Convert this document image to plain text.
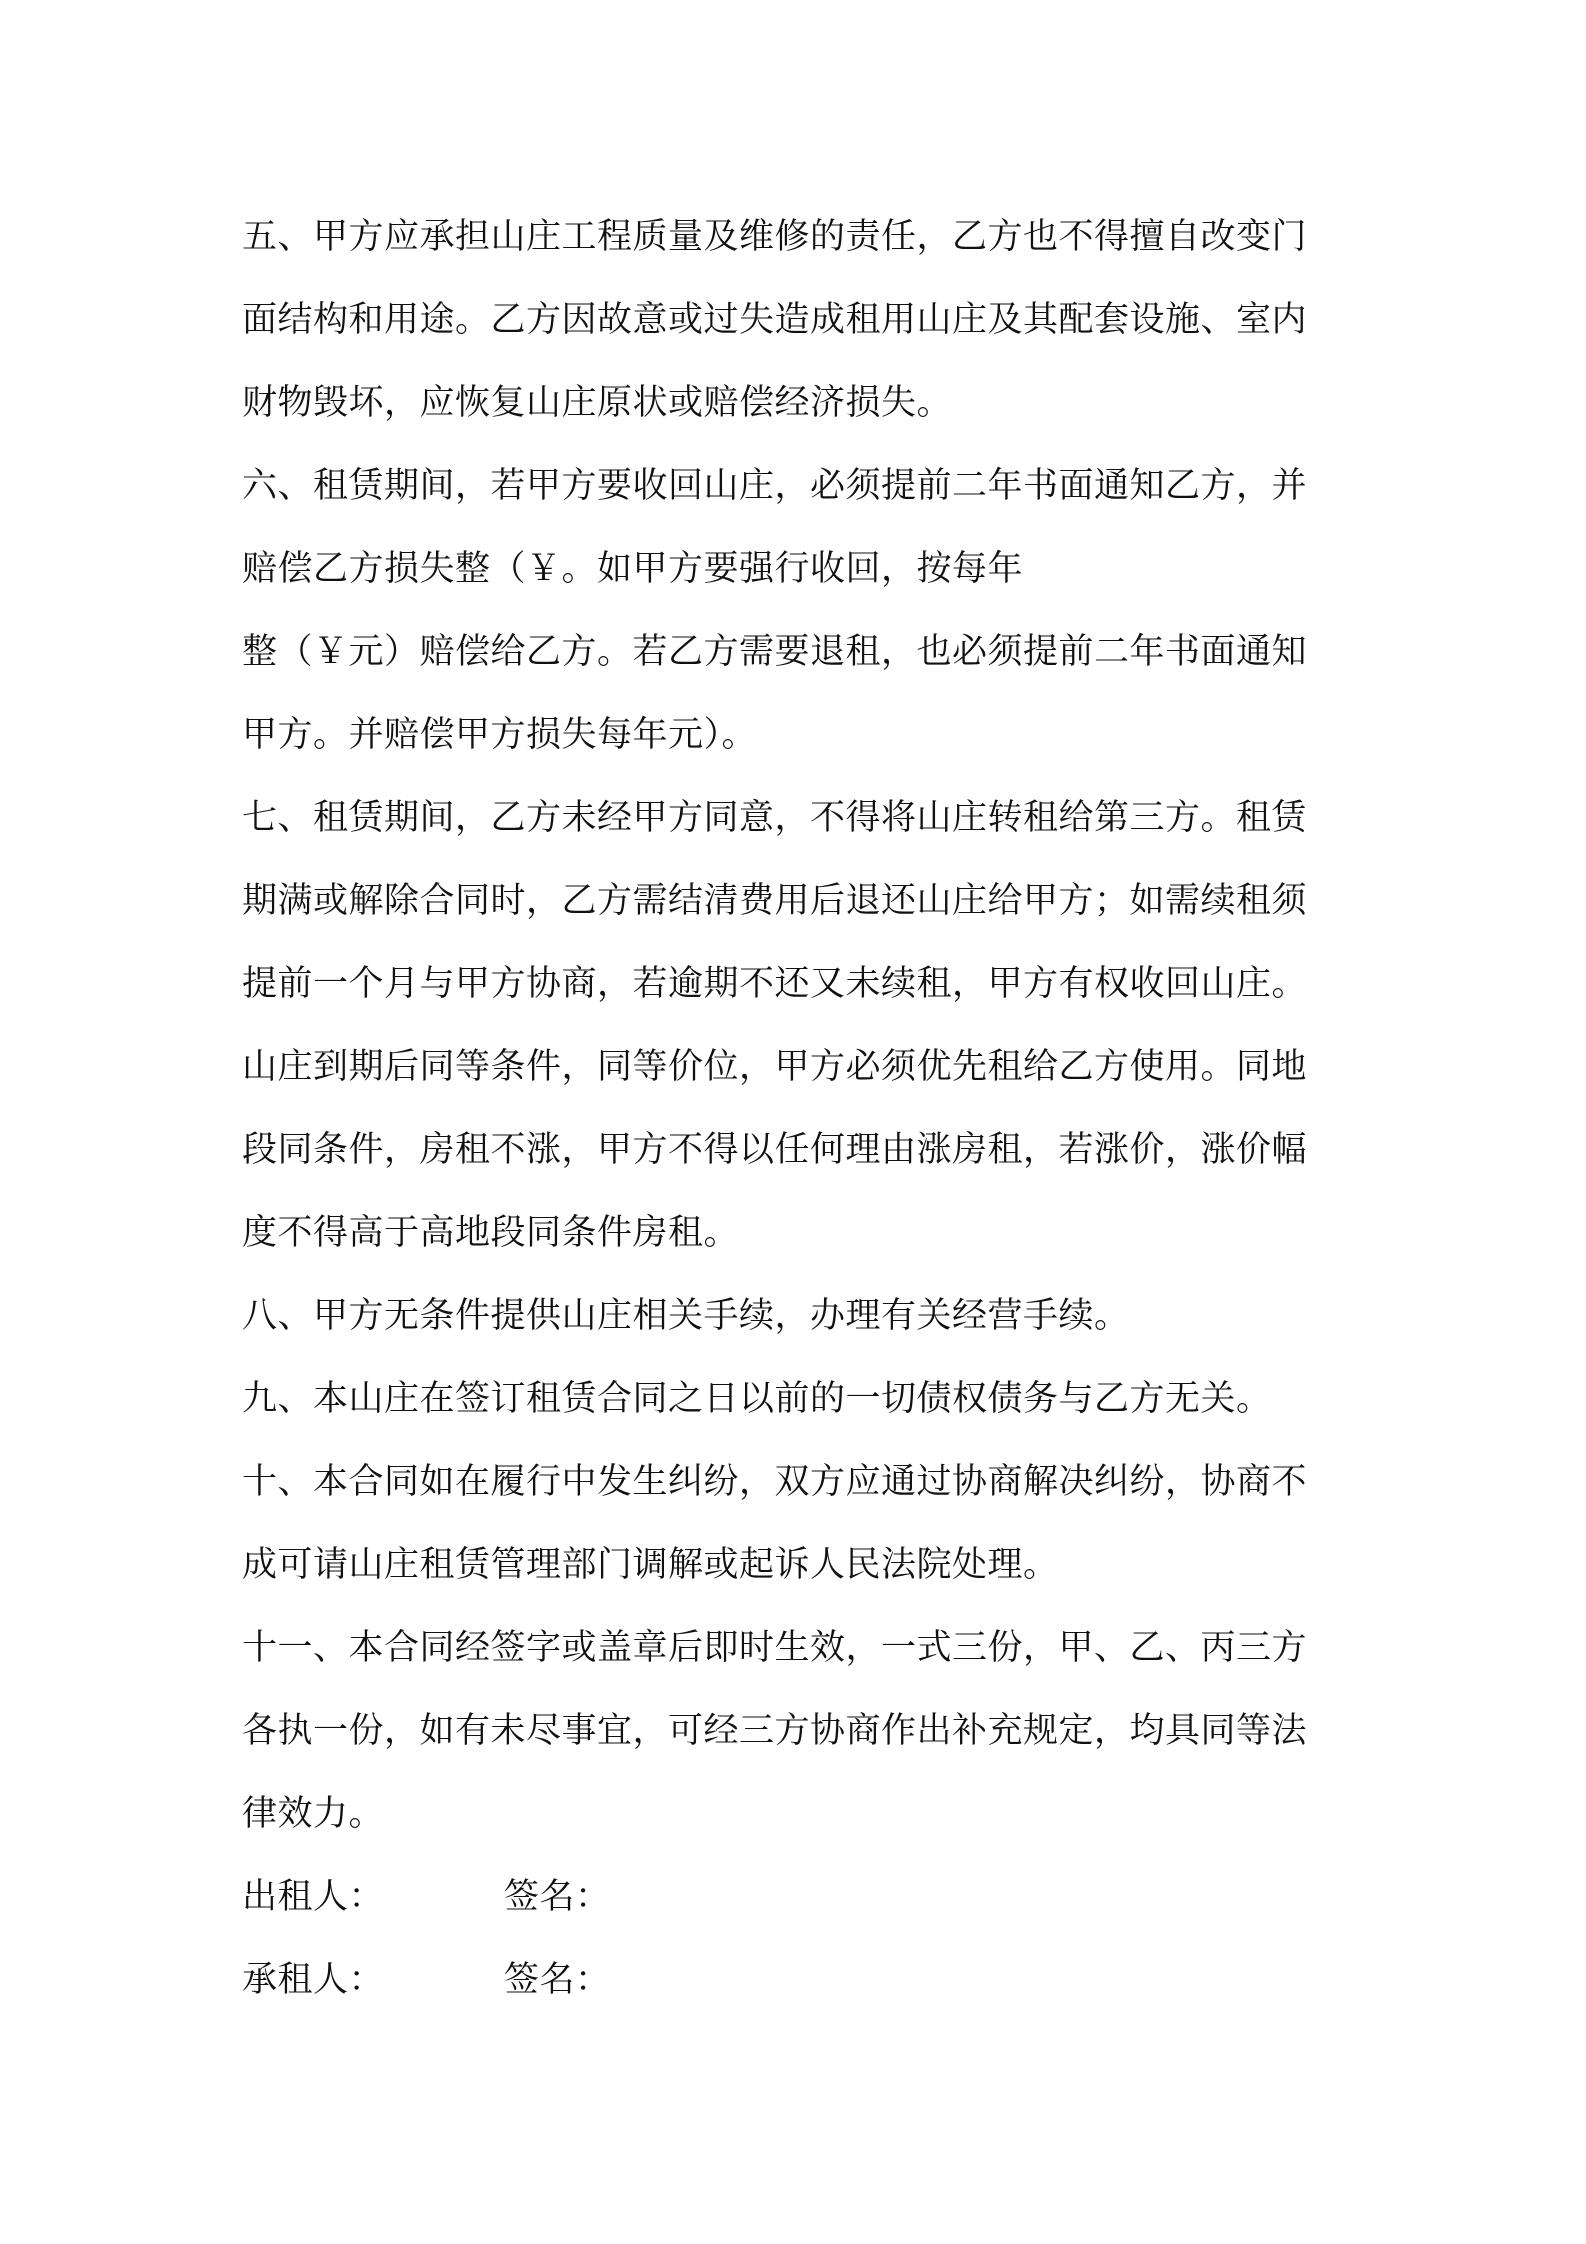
五、甲方应承担山庄工程质量及维修的责任，乙方也不得擅自改变门
面结构和用途。乙方因故意或过失造成租用山庄及其配套设施、室内
财物毁坏，应恢复山庄原状或赔偿经济损失。
六、租赁期间，若甲方要收回山庄，必须提前二年书面通知乙方，并
赔偿乙方损失整（￥。如甲方要强行收回，按每年
整（￥元）赔偿给乙方。若乙方需要退租，也必须提前二年书面通知
甲方。并赔偿甲方损失每年元）。
七、租赁期间，乙方未经甲方同意，不得将山庄转租给第三方。租赁
期满或解除合同时，乙方需结清费用后退还山庄给甲方；如需续租须
提前一个月与甲方协商，若逾期不还又未续租，甲方有权收回山庄。
山庄到期后同等条件，同等价位，甲方必须优先租给乙方使用。同地
段同条件，房租不涨，甲方不得以任何理由涨房租，若涨价，涨价幅
度不得高于高地段同条件房租。
八、甲方无条件提供山庄相关手续，办理有关经营手续。
九、本山庄在签订租赁合同之日以前的一切债权债务与乙方无关。
十、本合同如在履行中发生纠纷，双方应通过协商解决纠纷，协商不
成可请山庄租赁管理部门调解或起诉人民法院处理。
十一、本合同经签字或盖章后即时生效，一式三份，甲、乙、丙三方
各执一份，如有未尽事宜，可经三方协商作出补充规定，均具同等法
律效力。
出租人：	签名：
承租人：	签名：
